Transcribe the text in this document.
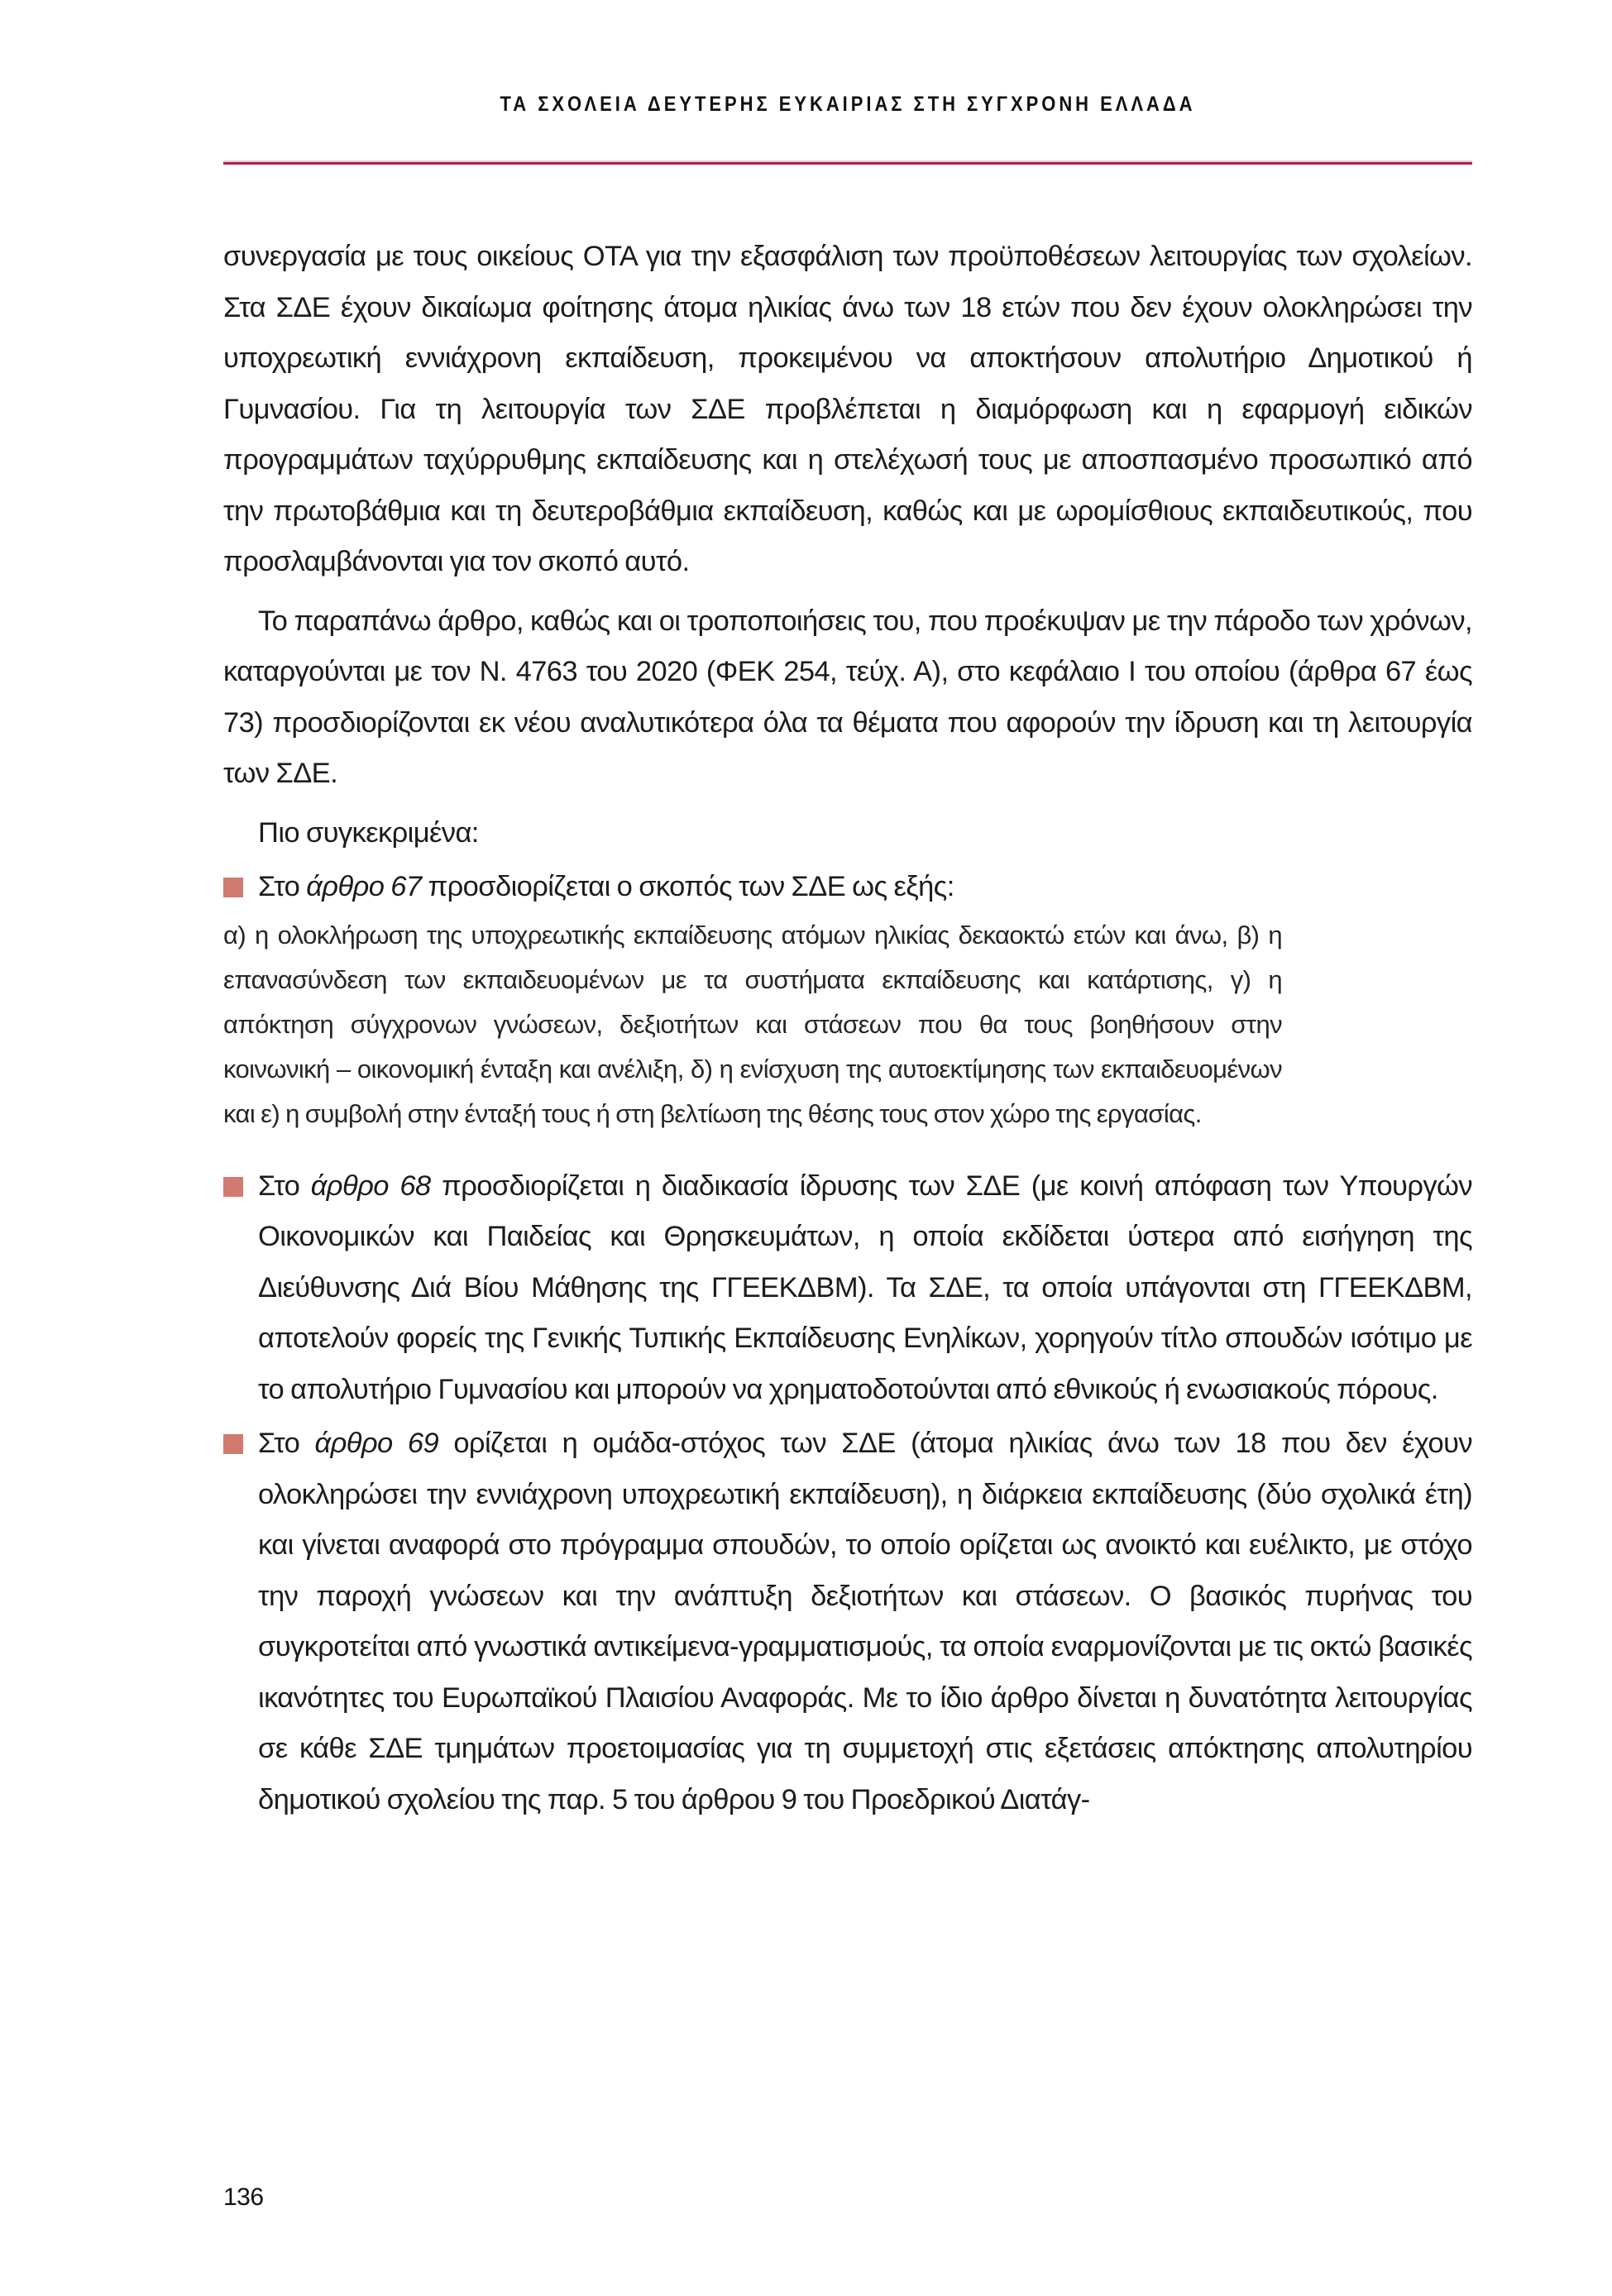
ΤΑ ΣΧΟΛΕΙΑ ΔΕΥΤΕΡΗΣ ΕΥΚΑΙΡΙΑΣ ΣΤΗ ΣΥΓΧΡΟΝΗ ΕΛΛΑΔΑ

συνεργασία με τους οικείους ΟΤΑ για την εξασφάλιση των προϋποθέσεων λειτουργίας των σχολείων. Στα ΣΔΕ έχουν δικαίωμα φοίτησης άτομα ηλικίας άνω των 18 ετών που δεν έχουν ολοκληρώσει την υποχρεωτική εννιάχρονη εκπαίδευση, προκειμένου να αποκτήσουν απολυτήριο Δημοτικού ή Γυμνασίου. Για τη λειτουργία των ΣΔΕ προβλέπεται η διαμόρφωση και η εφαρμογή ειδικών προγραμμάτων ταχύρρυθμης εκπαίδευσης και η στελέχωσή τους με αποσπασμένο προσωπικό από την πρωτοβάθμια και τη δευτεροβάθμια εκπαίδευση, καθώς και με ωρομίσθιους εκπαιδευτικούς, που προσλαμβάνονται για τον σκοπό αυτό.

Το παραπάνω άρθρο, καθώς και οι τροποποιήσεις του, που προέκυψαν με την πάροδο των χρόνων, καταργούνται με τον Ν. 4763 του 2020 (ΦΕΚ 254, τεύχ. Α), στο κεφάλαιο Ι του οποίου (άρθρα 67 έως 73) προσδιορίζονται εκ νέου αναλυτικότερα όλα τα θέματα που αφορούν την ίδρυση και τη λειτουργία των ΣΔΕ.

Πιο συγκεκριμένα:

Στο άρθρο 67 προσδιορίζεται ο σκοπός των ΣΔΕ ως εξής:

α) η ολοκλήρωση της υποχρεωτικής εκπαίδευσης ατόμων ηλικίας δεκαοκτώ ετών και άνω, β) η επανασύνδεση των εκπαιδευομένων με τα συστήματα εκπαίδευσης και κατάρτισης, γ) η απόκτηση σύγχρονων γνώσεων, δεξιοτήτων και στάσεων που θα τους βοηθήσουν στην κοινωνική – οικονομική ένταξη και ανέλιξη, δ) η ενίσχυση της αυτοεκτίμησης των εκπαιδευομένων και ε) η συμβολή στην ένταξή τους ή στη βελτίωση της θέσης τους στον χώρο της εργασίας.

Στο άρθρο 68 προσδιορίζεται η διαδικασία ίδρυσης των ΣΔΕ (με κοινή απόφαση των Υπουργών Οικονομικών και Παιδείας και Θρησκευμάτων, η οποία εκδίδεται ύστερα από εισήγηση της Διεύθυνσης Διά Βίου Μάθησης της ΓΓΕΕΚΔΒΜ). Τα ΣΔΕ, τα οποία υπάγονται στη ΓΓΕΕΚΔΒΜ, αποτελούν φορείς της Γενικής Τυπικής Εκπαίδευσης Ενηλίκων, χορηγούν τίτλο σπουδών ισότιμο με το απολυτήριο Γυμνασίου και μπορούν να χρηματοδοτούνται από εθνικούς ή ενωσιακούς πόρους.

Στο άρθρο 69 ορίζεται η ομάδα-στόχος των ΣΔΕ (άτομα ηλικίας άνω των 18 που δεν έχουν ολοκληρώσει την εννιάχρονη υποχρεωτική εκπαίδευση), η διάρκεια εκπαίδευσης (δύο σχολικά έτη) και γίνεται αναφορά στο πρόγραμμα σπουδών, το οποίο ορίζεται ως ανοικτό και ευέλικτο, με στόχο την παροχή γνώσεων και την ανάπτυξη δεξιοτήτων και στάσεων. Ο βασικός πυρήνας του συγκροτείται από γνωστικά αντικείμενα-γραμματισμούς, τα οποία εναρμονίζονται με τις οκτώ βασικές ικανότητες του Ευρωπαϊκού Πλαισίου Αναφοράς. Με το ίδιο άρθρο δίνεται η δυνατότητα λειτουργίας σε κάθε ΣΔΕ τμημάτων προετοιμασίας για τη συμμετοχή στις εξετάσεις απόκτησης απολυτηρίου δημοτικού σχολείου της παρ. 5 του άρθρου 9 του Προεδρικού Διατάγ-

136
